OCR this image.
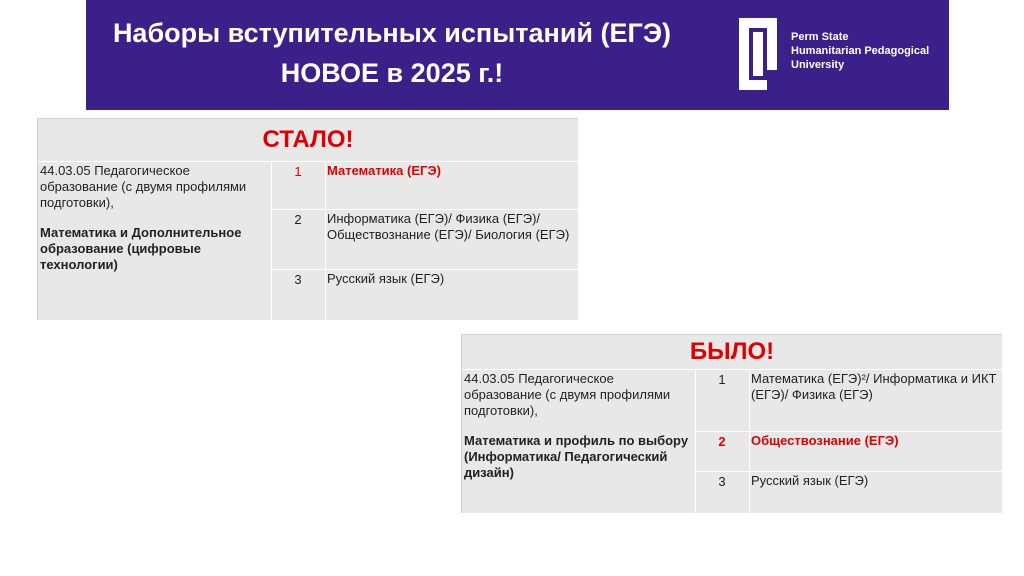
Наборы вступительных испытаний (ЕГЭ)
НОВОЕ в 2025 г.!
Perm State
Humanitarian Pedagogical
University
СТАЛО!
44.03.05 Педагогическое образование (с двумя профилями подготовки),
Математика и Дополнительное образование (цифровые технологии)
1	Математика (ЕГЭ)
2	Информатика (ЕГЭ)/ Физика (ЕГЭ)/ Обществознание (ЕГЭ)/ Биология (ЕГЭ)
3	Русский язык (ЕГЭ)
БЫЛО!
44.03.05 Педагогическое образование (с двумя профилями подготовки),
Математика и профиль по выбору (Информатика/ Педагогический дизайн)
1	Математика (ЕГЭ)²/ Информатика и ИКТ (ЕГЭ)/ Физика (ЕГЭ)
2	Обществознание (ЕГЭ)
3	Русский язык (ЕГЭ)
